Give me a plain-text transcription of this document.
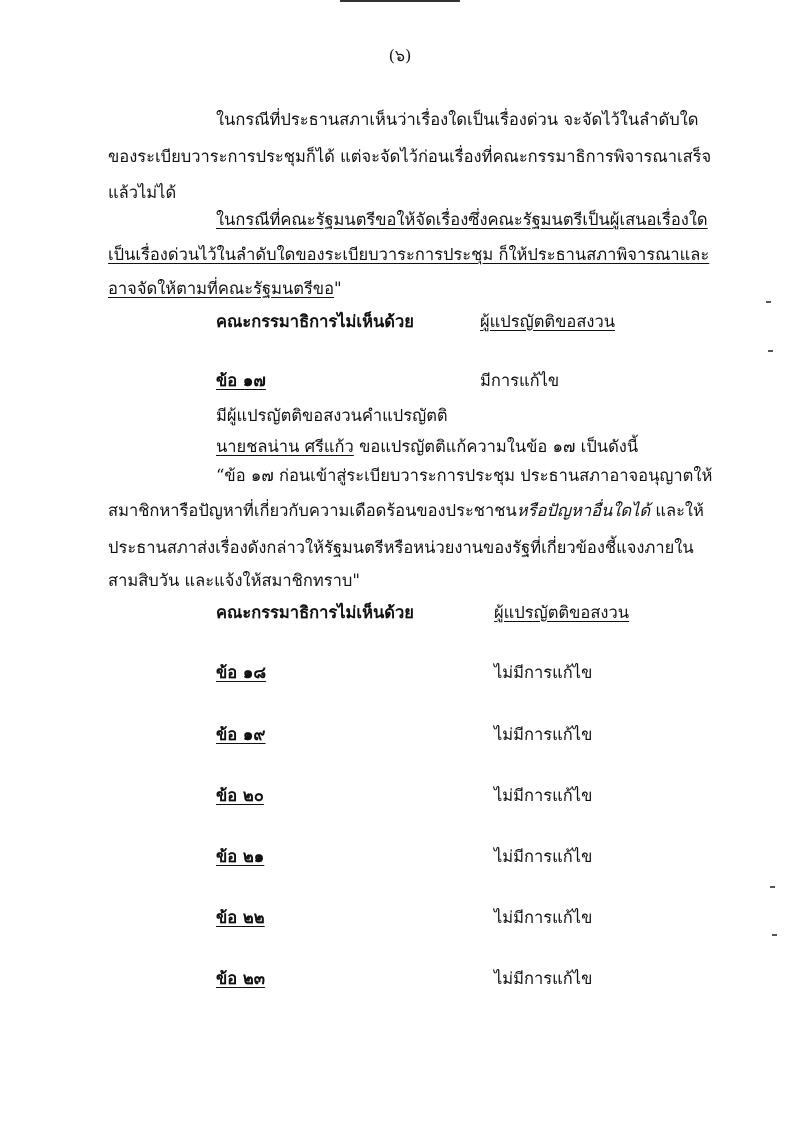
(๖)
ในกรณีที่ประธานสภาเห็นว่าเรื่องใดเป็นเรื่องด่วน จะจัดไว้ในลำดับใด
ของระเบียบวาระการประชุมก็ได้ แต่จะจัดไว้ก่อนเรื่องที่คณะกรรมาธิการพิจารณาเสร็จ
แล้วไม่ได้
ในกรณีที่คณะรัฐมนตรีขอให้จัดเรื่องซึ่งคณะรัฐมนตรีเป็นผู้เสนอเรื่องใด
เป็นเรื่องด่วนไว้ในลำดับใดของระเบียบวาระการประชุม ก็ให้ประธานสภาพิจารณาและ
อาจจัดให้ตามที่คณะรัฐมนตรีขอ"
คณะกรรมาธิการไม่เห็นด้วย	ผู้แปรญัตติขอสงวน
ข้อ ๑๗	มีการแก้ไข
มีผู้แปรญัตติขอสงวนคำแปรญัตติ
นายชลน่าน ศรีแก้ว ขอแปรญัตติแก้ความในข้อ ๑๗ เป็นดังนี้
“ข้อ ๑๗ ก่อนเข้าสู่ระเบียบวาระการประชุม ประธานสภาอาจอนุญาตให้
สมาชิกหารือปัญหาที่เกี่ยวกับความเดือดร้อนของประชาชนหรือปัญหาอื่นใดได้ และให้
ประธานสภาส่งเรื่องดังกล่าวให้รัฐมนตรีหรือหน่วยงานของรัฐที่เกี่ยวข้องชี้แจงภายใน
สามสิบวัน และแจ้งให้สมาชิกทราบ"
คณะกรรมาธิการไม่เห็นด้วย	ผู้แปรญัตติขอสงวน
ข้อ ๑๘	ไม่มีการแก้ไข
ข้อ ๑๙	ไม่มีการแก้ไข
ข้อ ๒๐	ไม่มีการแก้ไข
ข้อ ๒๑	ไม่มีการแก้ไข
ข้อ ๒๒	ไม่มีการแก้ไข
ข้อ ๒๓	ไม่มีการแก้ไข
